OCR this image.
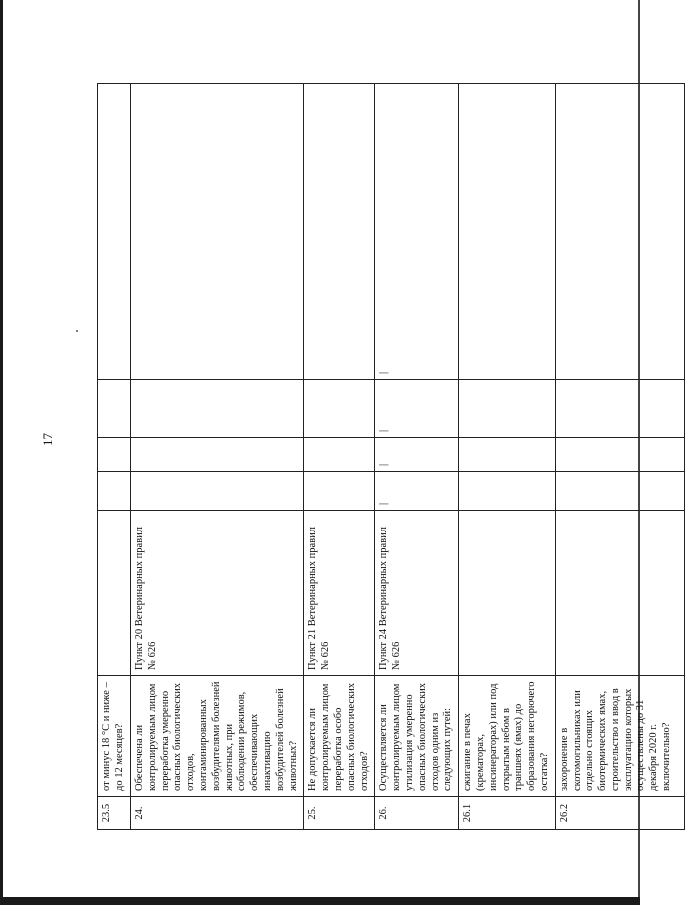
17
23.5	от минус 18 °С и ниже – до 12 месяцев?					
24.	Обеспечена ли контролируемым лицом переработка умеренно опасных биологических отходов, контаминированных возбудителями болезней животных, при соблюдении режимов, обеспечивающих инактивацию возбудителей болезней животных?	Пункт 20 Ветеринарных правил № 626				
25.	Не допускается ли контролируемым лицом переработка особо опасных биологических отходов?	Пункт 21 Ветеринарных правил № 626				
26.	Осуществляется ли контролируемым лицом утилизация умеренно опасных биологических отходов одним из следующих путей:	Пункт 24 Ветеринарных правил № 626	|	|	|	|
26.1	сжигание в печах (крематорах, инсинераторах) или под открытым небом в траншеях (ямах) до образования негорючего остатка?					
26.2	захоронение в скотомогильниках или отдельно стоящих биотермических ямах, строительство и ввод в эксплуатацию которых осуществлены до 31 декабря 2020 г. включительно?					
